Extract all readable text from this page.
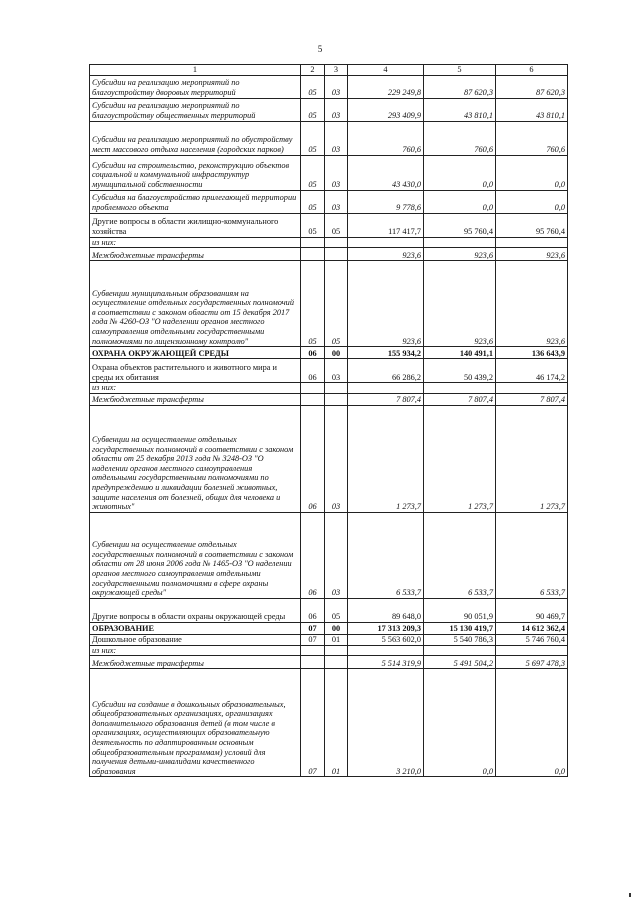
5
1	2	3	4	5	6
Субсидии на реализацию мероприятий по благоустройству дворовых территорий	05	03	229 249,8	87 620,3	87 620,3
Субсидии на реализацию мероприятий по благоустройству общественных территорий	05	03	293 409,9	43 810,1	43 810,1
Субсидии на реализацию мероприятий по обустройству мест массового отдыха населения (городских парков)	05	03	760,6	760,6	760,6
Субсидии на строительство, реконструкцию объектов социальной и коммунальной инфраструктур муниципальной собственности	05	03	43 430,0	0,0	0,0
Субсидия на благоустройство прилегающей территории проблемного объекта	05	03	9 778,6	0,0	0,0
Другие вопросы в области жилищно-коммунального хозяйства	05	05	117 417,7	95 760,4	95 760,4
из них:					
Межбюджетные трансферты			923,6	923,6	923,6
Субвенции муниципальным образованиям на осуществление отдельных государственных полномочий в соответствии с законом области от 15 декабря 2017 года № 4260-ОЗ "О наделении органов местного самоуправления отдельными государственными полномочиями по лицензионному контролю"	05	05	923,6	923,6	923,6
ОХРАНА ОКРУЖАЮЩЕЙ СРЕДЫ	06	00	155 934,2	140 491,1	136 643,9
Охрана объектов растительного и животного мира и среды их обитания	06	03	66 286,2	50 439,2	46 174,2
из них:					
Межбюджетные трансферты			7 807,4	7 807,4	7 807,4
Субвенции на осуществление отдельных государственных полномочий в соответствии с законом области от 25 декабря 2013 года № 3248-ОЗ "О наделении органов местного самоуправления отдельными государственными полномочиями по предупреждению и ликвидации болезней животных, защите населения от болезней, общих для человека и животных"	06	03	1 273,7	1 273,7	1 273,7
Субвенции на осуществление отдельных государственных полномочий в соответствии с законом области от 28 июня 2006 года № 1465-ОЗ "О наделении органов местного самоуправления отдельными государственными полномочиями в сфере охраны окружающей среды"	06	03	6 533,7	6 533,7	6 533,7
Другие вопросы в области охраны окружающей среды	06	05	89 648,0	90 051,9	90 469,7
ОБРАЗОВАНИЕ	07	00	17 313 209,3	15 130 419,7	14 612 362,4
Дошкольное образование	07	01	5 563 602,0	5 540 786,3	5 746 760,4
из них:					
Межбюджетные трансферты			5 514 319,9	5 491 504,2	5 697 478,3
Субсидии на создание в дошкольных образовательных, общеобразовательных организациях, организациях дополнительного образования детей (в том числе в организациях, осуществляющих образовательную деятельность по адаптированным основным общеобразовательным программам) условий для получения детьми-инвалидами качественного образования	07	01	3 210,0	0,0	0,0
